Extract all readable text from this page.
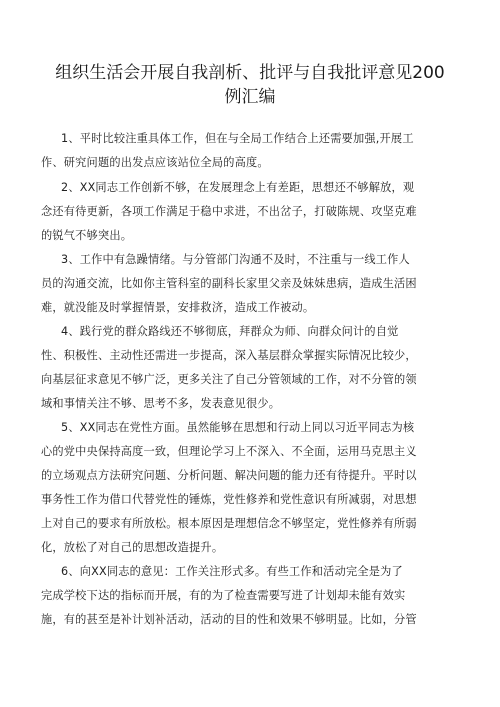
组织生活会开展自我剖析、批评与自我批评意见200
例汇编
1、平时比较注重具体工作，但在与全局工作结合上还需要加强,开展工
作、研究问题的出发点应该站位全局的高度。
2、XX同志工作创新不够，在发展理念上有差距，思想还不够解放，观
念还有待更新，各项工作满足于稳中求进，不出岔子，打破陈规、攻坚克难
的锐气不够突出。
3、工作中有急躁情绪。与分管部门沟通不及时，不注重与一线工作人
员的沟通交流，比如你主管科室的副科长家里父亲及妹妹患病，造成生活困
难，就没能及时掌握情景，安排救济，造成工作被动。
4、践行党的群众路线还不够彻底，拜群众为师、向群众问计的自觉
性、积极性、主动性还需进一步提高，深入基层群众掌握实际情况比较少，
向基层征求意见不够广泛，更多关注了自己分管领域的工作，对不分管的领
域和事情关注不够、思考不多，发表意见很少。
5、XX同志在党性方面。虽然能够在思想和行动上同以习近平同志为核
心的党中央保持高度一致，但理论学习上不深入、不全面，运用马克思主义
的立场观点方法研究问题、分析问题、解决问题的能力还有待提升。平时以
事务性工作为借口代替党性的锤炼，党性修养和党性意识有所减弱，对思想
上对自己的要求有所放松。根本原因是理想信念不够坚定，党性修养有所弱
化，放松了对自己的思想改造提升。
6、向XX同志的意见：工作关注形式多。有些工作和活动完全是为了
完成学校下达的指标而开展，有的为了检查需要写进了计划却未能有效实
施，有的甚至是补计划补活动，活动的目的性和效果不够明显。比如，分管
